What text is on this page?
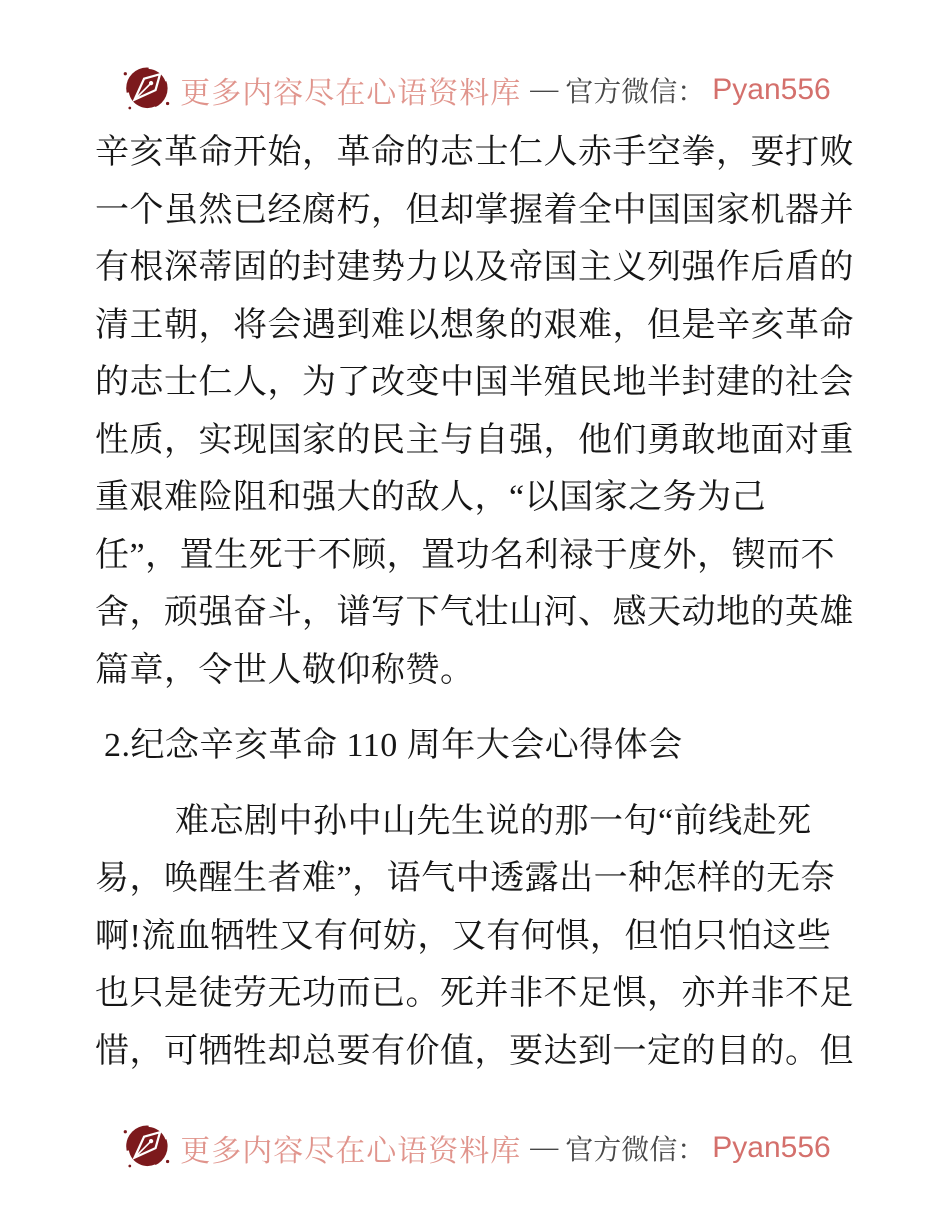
更多内容尽在心语资料库 — 官方微信： Pyan556
辛亥革命开始，革命的志士仁人赤手空拳，要打败
一个虽然已经腐朽，但却掌握着全中国国家机器并
有根深蒂固的封建势力以及帝国主义列强作后盾的
清王朝，将会遇到难以想象的艰难，但是辛亥革命
的志士仁人，为了改变中国半殖民地半封建的社会
性质，实现国家的民主与自强，他们勇敢地面对重
重艰难险阻和强大的敌人，“以国家之务为己
任”，置生死于不顾，置功名利禄于度外，锲而不
舍，顽强奋斗，谱写下气壮山河、感天动地的英雄
篇章，令世人敬仰称赞。
2.纪念辛亥革命 110 周年大会心得体会
难忘剧中孙中山先生说的那一句“前线赴死
易，唤醒生者难”，语气中透露出一种怎样的无奈
啊!流血牺牲又有何妨，又有何惧，但怕只怕这些
也只是徒劳无功而已。死并非不足惧，亦并非不足
惜，可牺牲却总要有价值，要达到一定的目的。但
更多内容尽在心语资料库 — 官方微信： Pyan556
